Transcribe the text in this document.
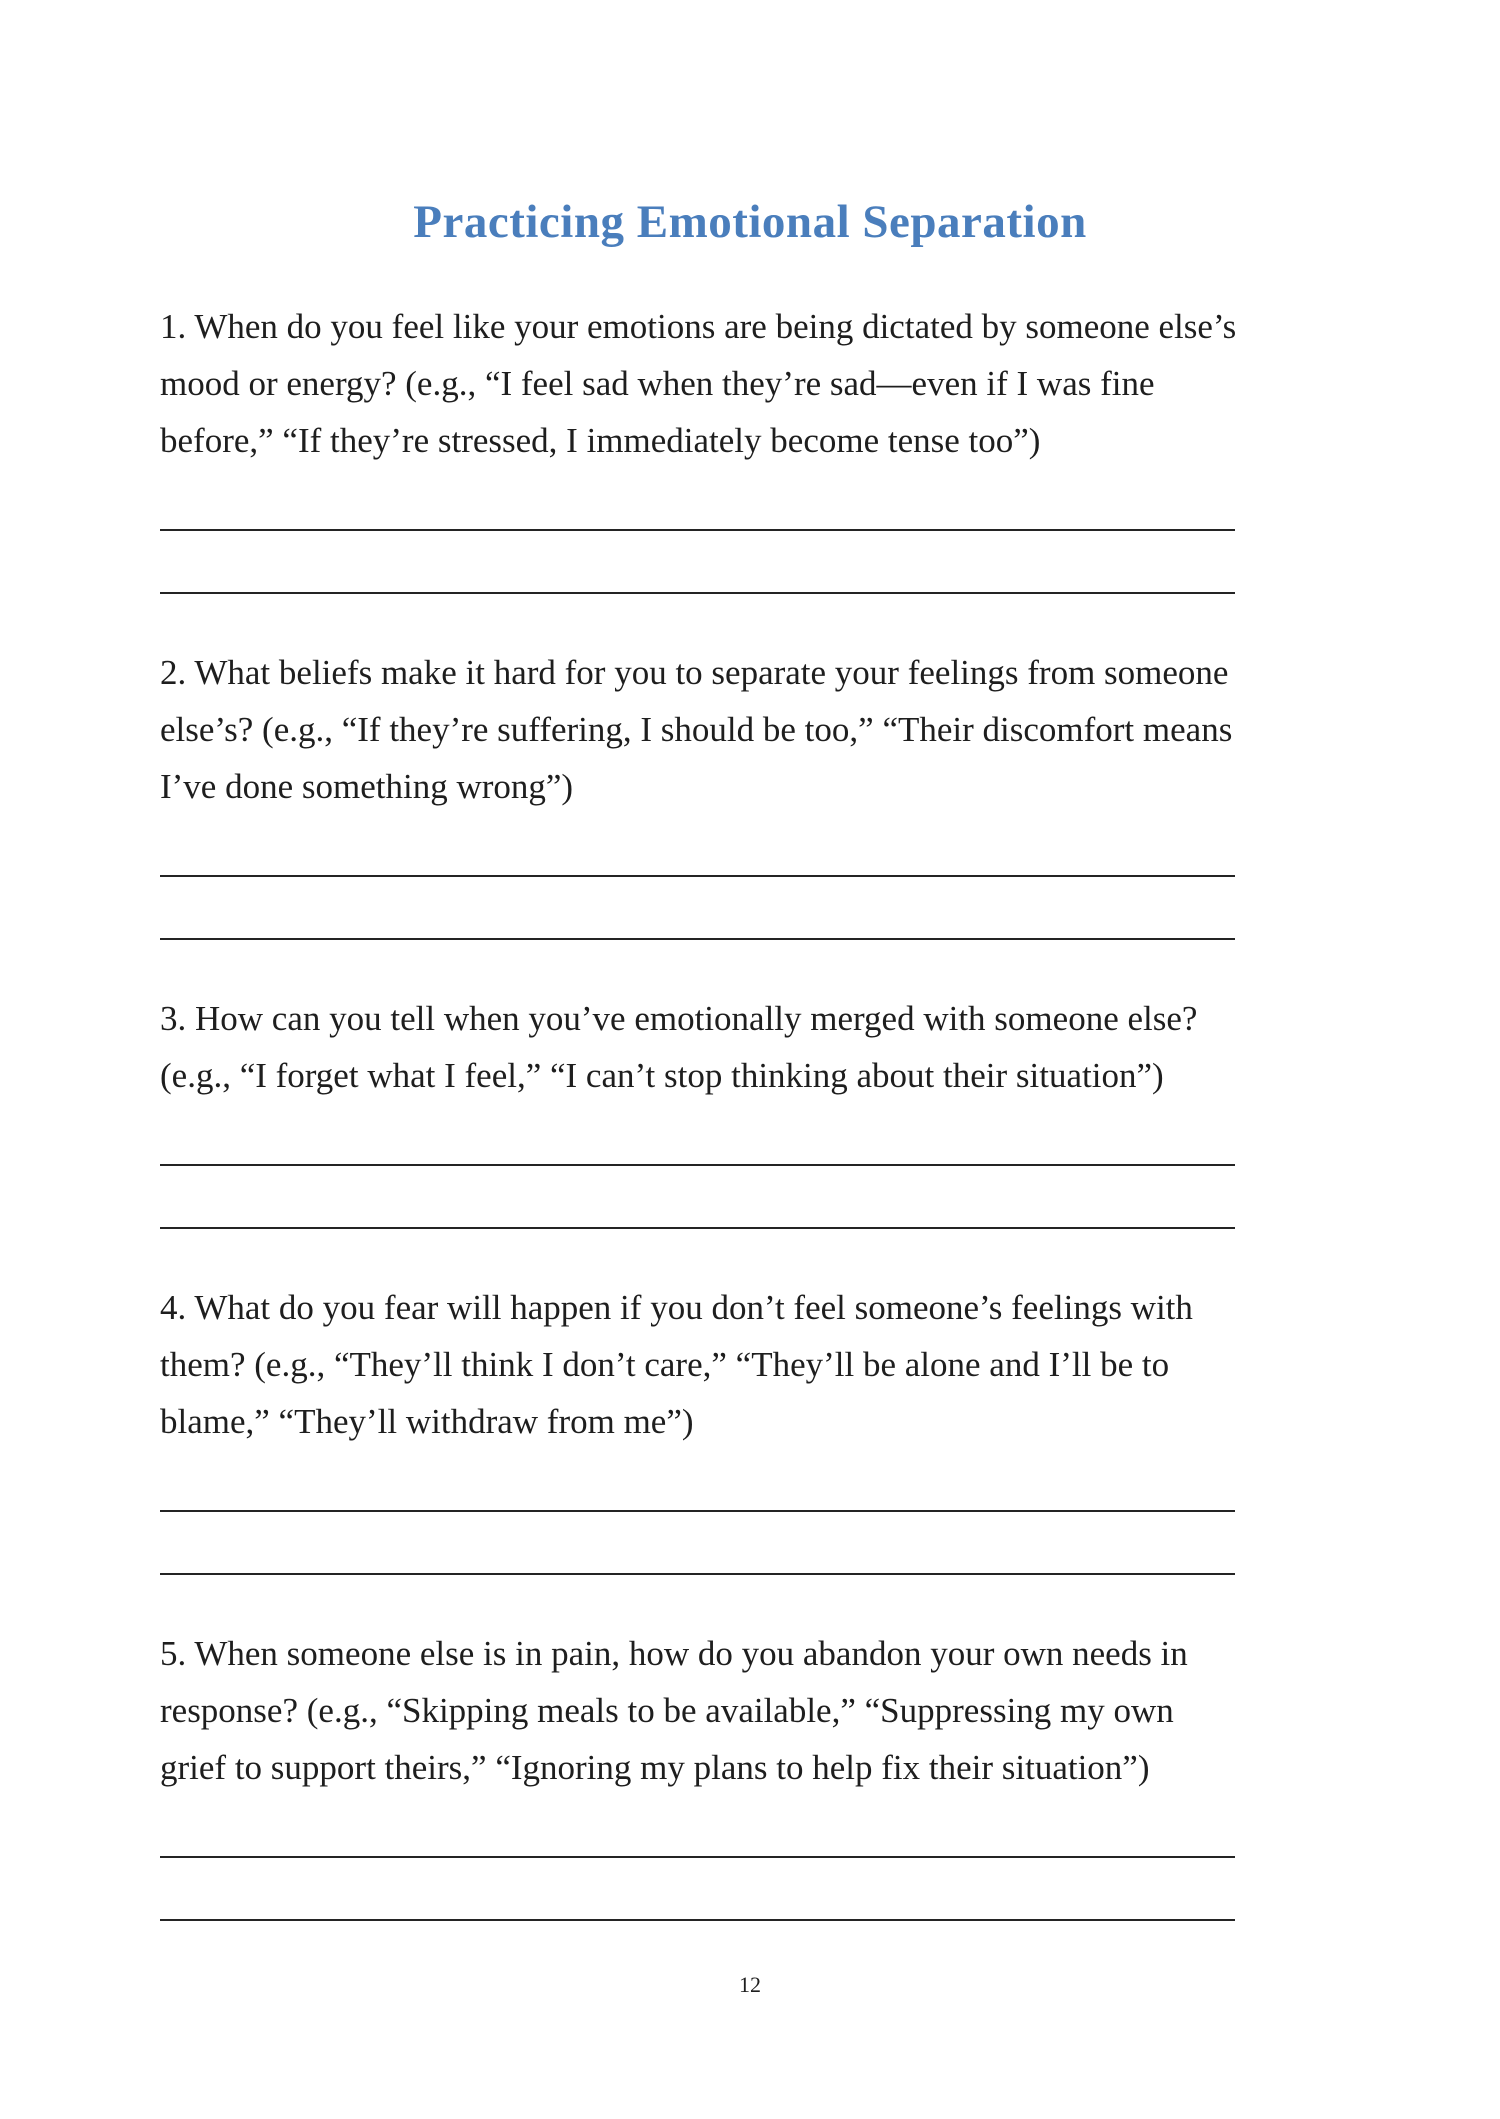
Practicing Emotional Separation

1. When do you feel like your emotions are being dictated by someone else’s mood or energy? (e.g., “I feel sad when they’re sad—even if I was fine before,” “If they’re stressed, I immediately become tense too”)

2. What beliefs make it hard for you to separate your feelings from someone else’s? (e.g., “If they’re suffering, I should be too,” “Their discomfort means I’ve done something wrong”)

3. How can you tell when you’ve emotionally merged with someone else? (e.g., “I forget what I feel,” “I can’t stop thinking about their situation”)

4. What do you fear will happen if you don’t feel someone’s feelings with them? (e.g., “They’ll think I don’t care,” “They’ll be alone and I’ll be to blame,” “They’ll withdraw from me”)

5. When someone else is in pain, how do you abandon your own needs in response? (e.g., “Skipping meals to be available,” “Suppressing my own grief to support theirs,” “Ignoring my plans to help fix their situation”)

12
